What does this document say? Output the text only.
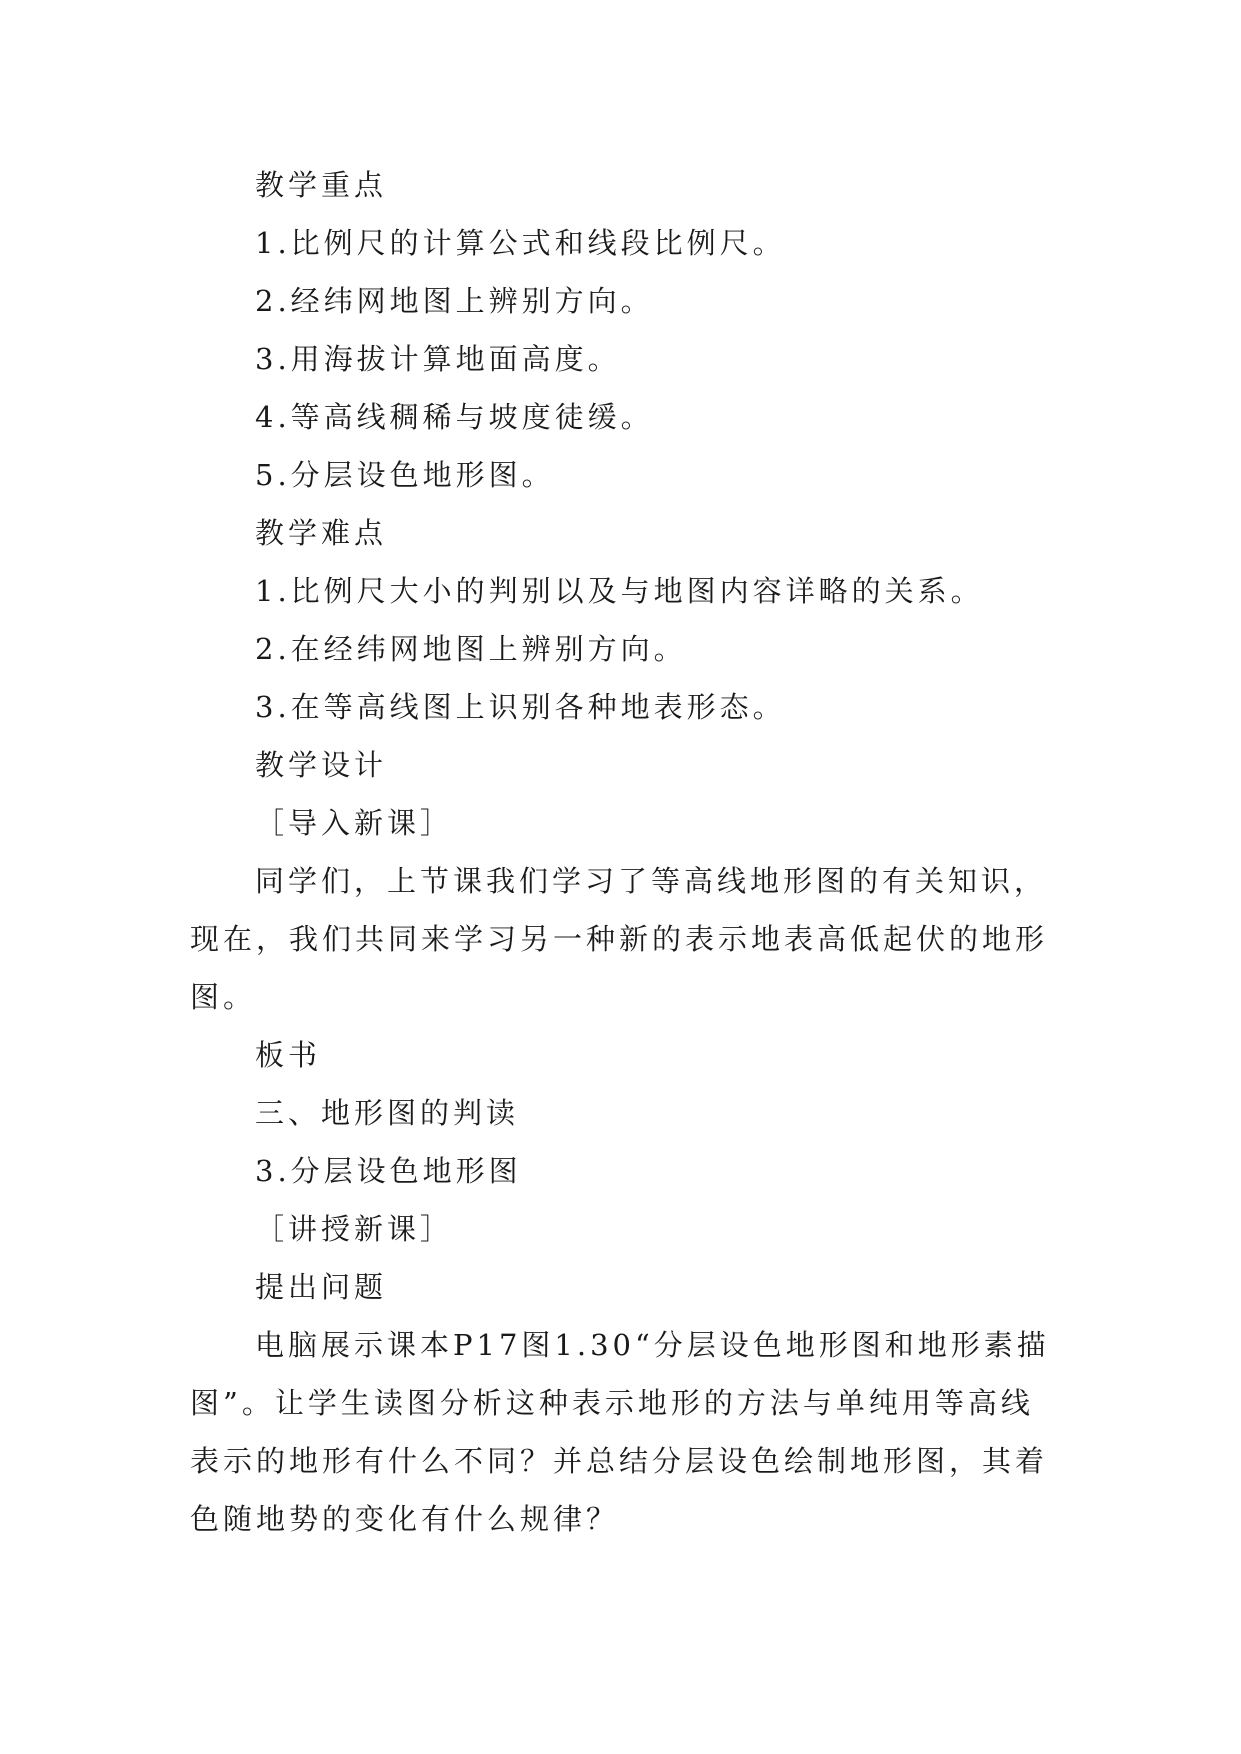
教学重点
1.比例尺的计算公式和线段比例尺。
2.经纬网地图上辨别方向。
3.用海拔计算地面高度。
4.等高线稠稀与坡度徒缓。
5.分层设色地形图。
教学难点
1.比例尺大小的判别以及与地图内容详略的关系。
2.在经纬网地图上辨别方向。
3.在等高线图上识别各种地表形态。
教学设计
［导入新课］
同学们，上节课我们学习了等高线地形图的有关知识，
现在，我们共同来学习另一种新的表示地表高低起伏的地形
图。
板书
三、地形图的判读
3.分层设色地形图
［讲授新课］
提出问题
电脑展示课本P17图1.30“分层设色地形图和地形素描
图”。让学生读图分析这种表示地形的方法与单纯用等高线
表示的地形有什么不同？并总结分层设色绘制地形图，其着
色随地势的变化有什么规律？
